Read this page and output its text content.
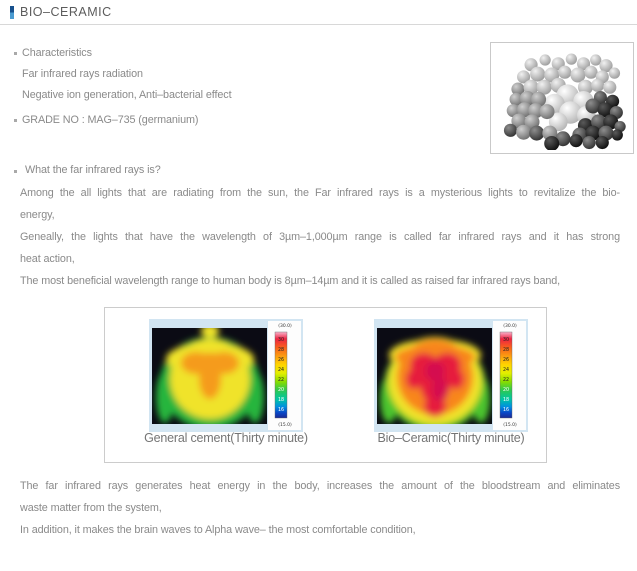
BIO–CERAMIC
Characteristics
Far infrared rays radiation
Negative ion generation, Anti–bacterial effect
GRADE NO : MAG–735 (germanium)
What the far infrared rays is?
Among the all lights that are radiating from the sun, the Far infrared rays is a mysterious lights to revitalize the bio-
energy,
Geneally, the lights that have the wavelength of 3µm–1,000µm range is called far infrared rays and it has strong
heat action,
The most beneficial wavelength range to human body is 8µm–14µm and it is called as raised far infrared rays band,
(30.0)
30
28
26
24
22
20
18
16
(15.0)
General cement(Thirty minute)
(30.0)
30
28
26
24
22
20
18
16
(15.0)
Bio–Ceramic(Thirty minute)
The far infrared rays generates heat energy in the body, increases the amount of the bloodstream and eliminates
waste matter from the system,
In addition, it makes the brain waves to Alpha wave– the most comfortable condition,
